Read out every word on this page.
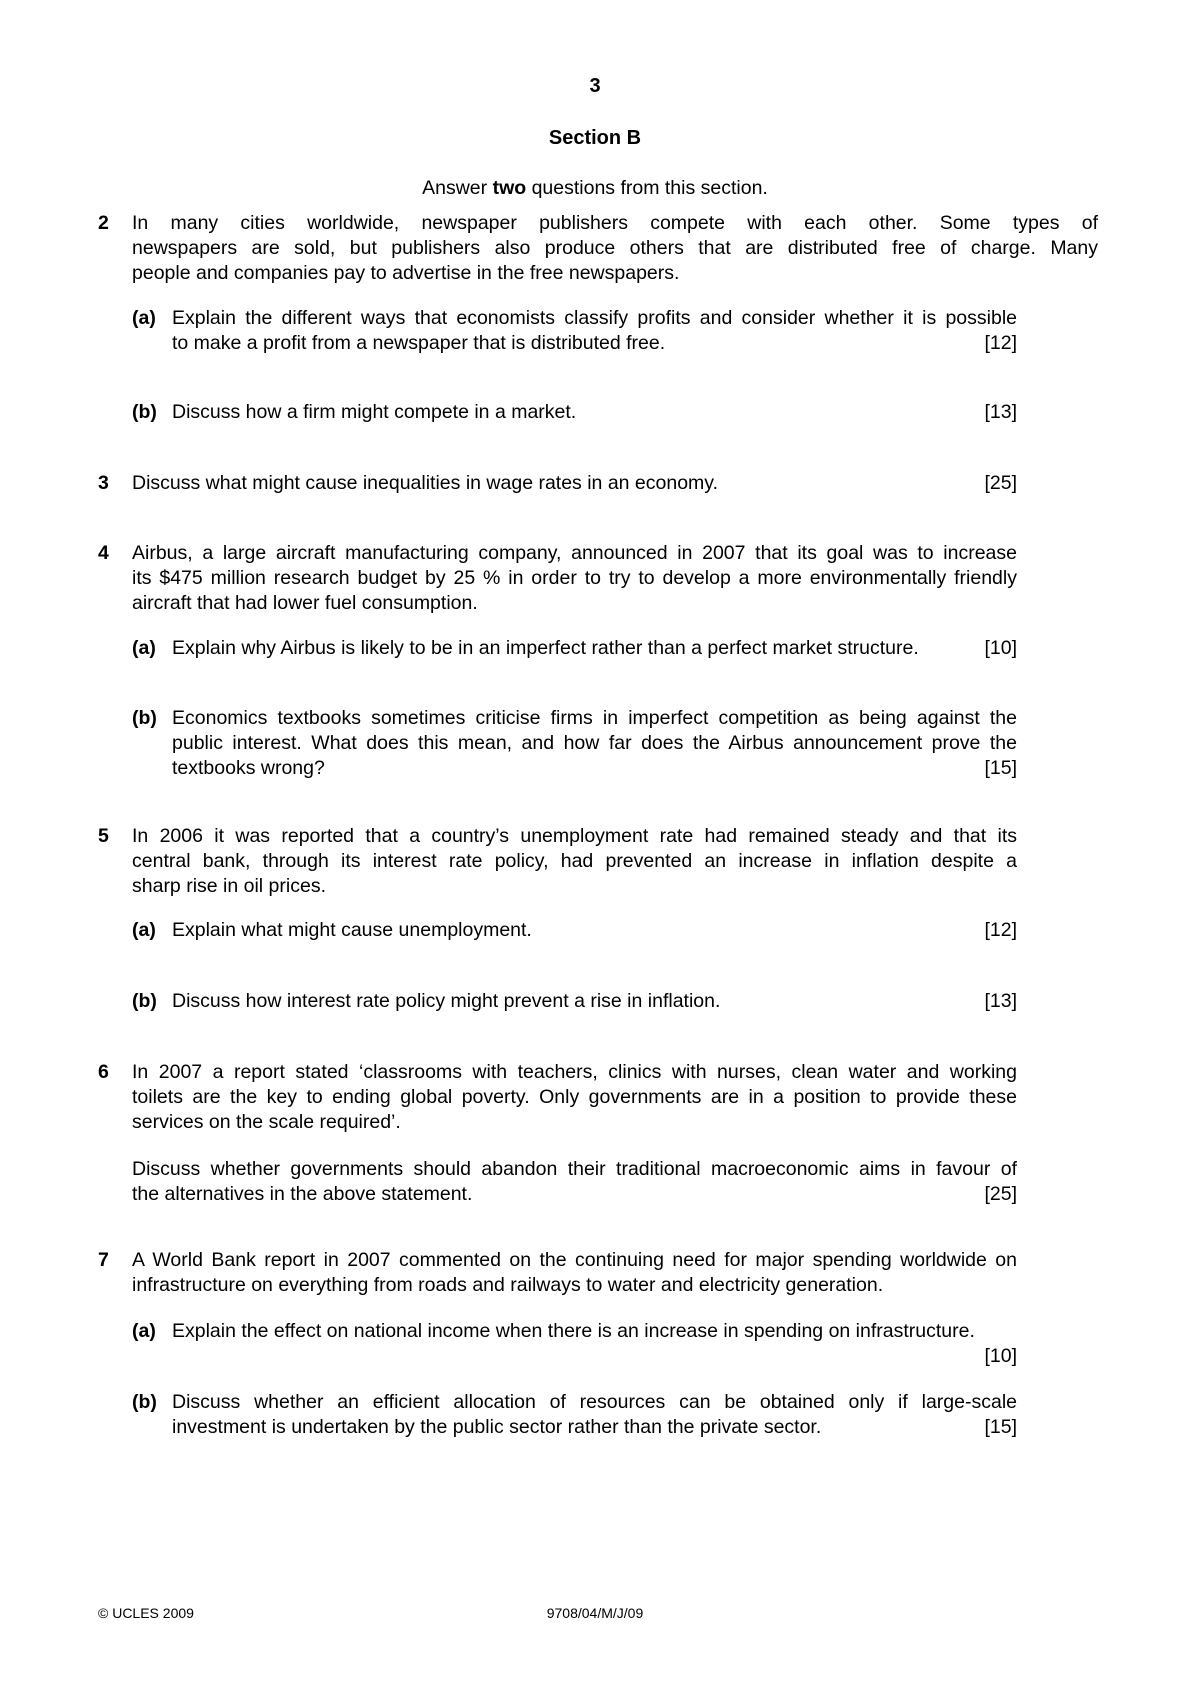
3
Section B
Answer two questions from this section.
2	In many cities worldwide, newspaper publishers compete with each other. Some types of
newspapers are sold, but publishers also produce others that are distributed free of charge. Many
people and companies pay to advertise in the free newspapers.
(a) Explain the different ways that economists classify profits and consider whether it is possible
to make a profit from a newspaper that is distributed free.	[12]
(b) Discuss how a firm might compete in a market.	[13]
3	Discuss what might cause inequalities in wage rates in an economy.	[25]
4	Airbus, a large aircraft manufacturing company, announced in 2007 that its goal was to increase
its $475 million research budget by 25 % in order to try to develop a more environmentally friendly
aircraft that had lower fuel consumption.
(a) Explain why Airbus is likely to be in an imperfect rather than a perfect market structure.	[10]
(b) Economics textbooks sometimes criticise firms in imperfect competition as being against the
public interest. What does this mean, and how far does the Airbus announcement prove the
textbooks wrong?	[15]
5	In 2006 it was reported that a country’s unemployment rate had remained steady and that its
central bank, through its interest rate policy, had prevented an increase in inflation despite a
sharp rise in oil prices.
(a) Explain what might cause unemployment.	[12]
(b) Discuss how interest rate policy might prevent a rise in inflation.	[13]
6	In 2007 a report stated ‘classrooms with teachers, clinics with nurses, clean water and working
toilets are the key to ending global poverty. Only governments are in a position to provide these
services on the scale required’.
Discuss whether governments should abandon their traditional macroeconomic aims in favour of
the alternatives in the above statement.	[25]
7	A World Bank report in 2007 commented on the continuing need for major spending worldwide on
infrastructure on everything from roads and railways to water and electricity generation.
(a) Explain the effect on national income when there is an increase in spending on infrastructure.
[10]
(b) Discuss whether an efficient allocation of resources can be obtained only if large-scale
investment is undertaken by the public sector rather than the private sector.	[15]
© UCLES 2009	9708/04/M/J/09
